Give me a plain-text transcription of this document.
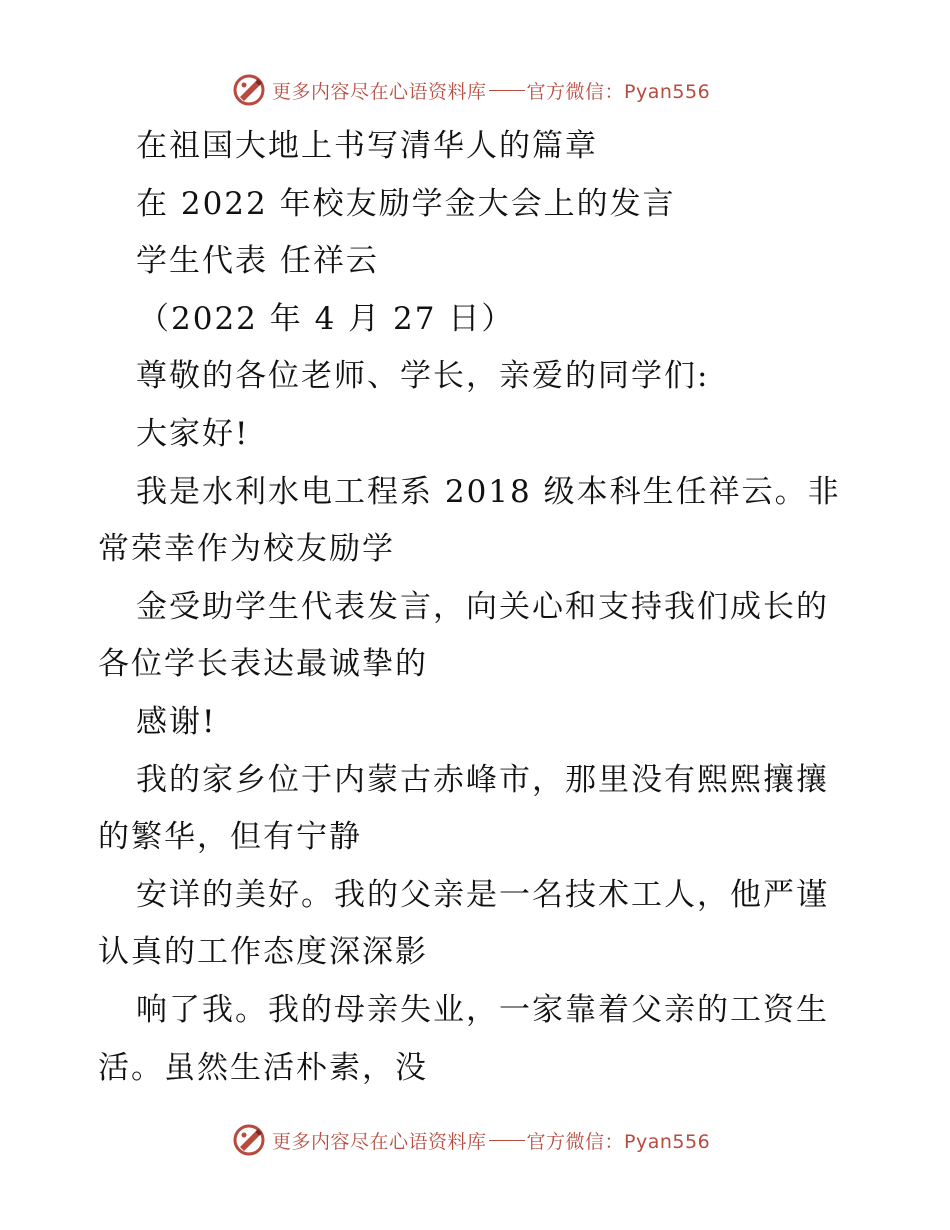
更多内容尽在心语资料库 官方微信：Pyan556
在祖国大地上书写清华人的篇章
在 2022 年校友励学金大会上的发言
学生代表 任祥云
（2022 年 4 月 27 日）
尊敬的各位老师、学长，亲爱的同学们:
大家好!
我是水利水电工程系 2018 级本科生任祥云。非
常荣幸作为校友励学
金受助学生代表发言，向关心和支持我们成长的
各位学长表达最诚挚的
感谢!
我的家乡位于内蒙古赤峰市，那里没有熙熙攘攘
的繁华，但有宁静
安详的美好。我的父亲是一名技术工人，他严谨
认真的工作态度深深影
响了我。我的母亲失业，一家靠着父亲的工资生
活。虽然生活朴素，没
更多内容尽在心语资料库 官方微信：Pyan556
